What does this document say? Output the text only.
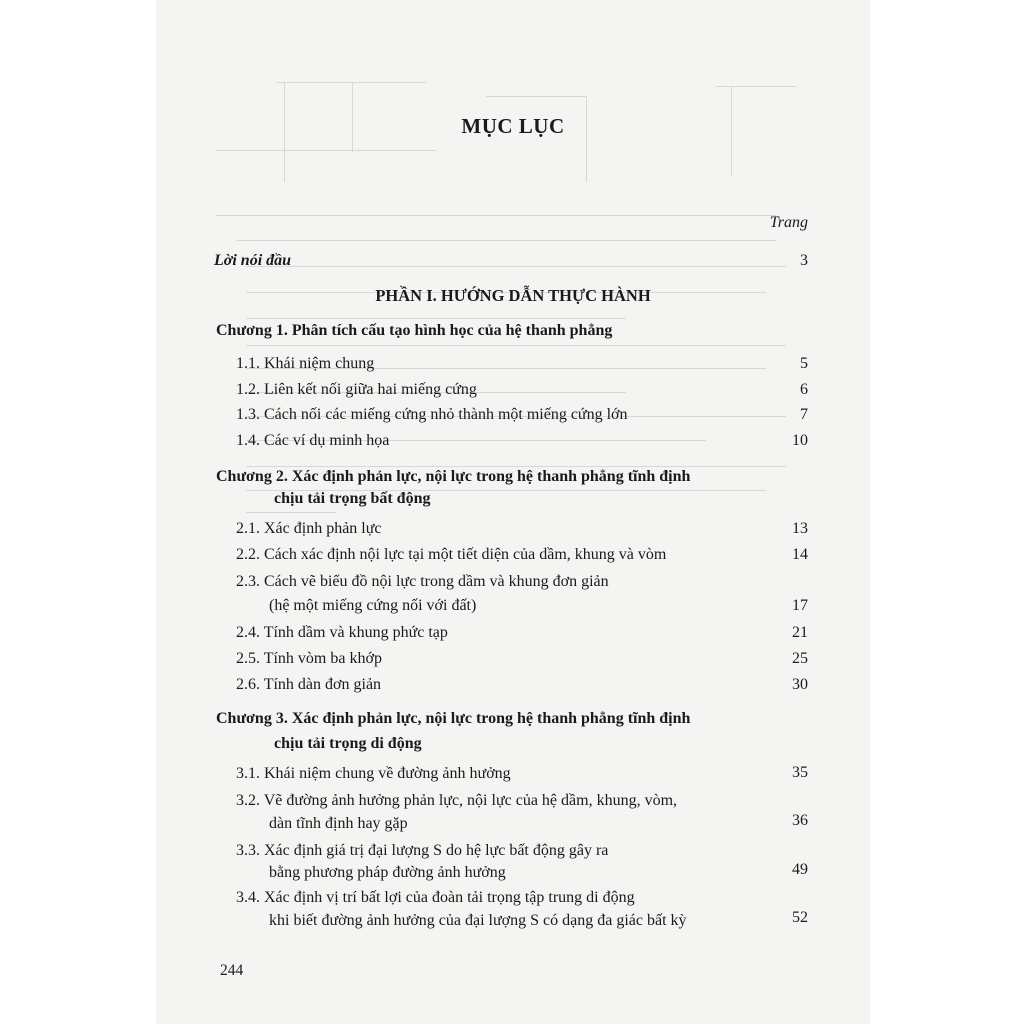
MỤC LỤC
Trang
Lời nói đầu	3
PHẦN I. HƯỚNG DẪN THỰC HÀNH
Chương 1. Phân tích cấu tạo hình học của hệ thanh phẳng
1.1. Khái niệm chung	5
1.2. Liên kết nối giữa hai miếng cứng	6
1.3. Cách nối các miếng cứng nhỏ thành một miếng cứng lớn	7
1.4. Các ví dụ minh họa	10
Chương 2. Xác định phản lực, nội lực trong hệ thanh phẳng tĩnh định
chịu tải trọng bất động
2.1. Xác định phản lực	13
2.2. Cách xác định nội lực tại một tiết diện của dầm, khung và vòm	14
2.3. Cách vẽ biểu đồ nội lực trong dầm và khung đơn giản
(hệ một miếng cứng nối với đất)	17
2.4. Tính dầm và khung phức tạp	21
2.5. Tính vòm ba khớp	25
2.6. Tính dàn đơn giản	30
Chương 3. Xác định phản lực, nội lực trong hệ thanh phẳng tĩnh định
chịu tải trọng di động
3.1. Khái niệm chung về đường ảnh hưởng	35
3.2. Vẽ đường ảnh hưởng phản lực, nội lực của hệ dầm, khung, vòm,
dàn tĩnh định hay gặp	36
3.3. Xác định giá trị đại lượng S do hệ lực bất động gây ra
bằng phương pháp đường ảnh hưởng	49
3.4. Xác định vị trí bất lợi của đoàn tải trọng tập trung di động
khi biết đường ảnh hưởng của đại lượng S có dạng đa giác bất kỳ	52
244
